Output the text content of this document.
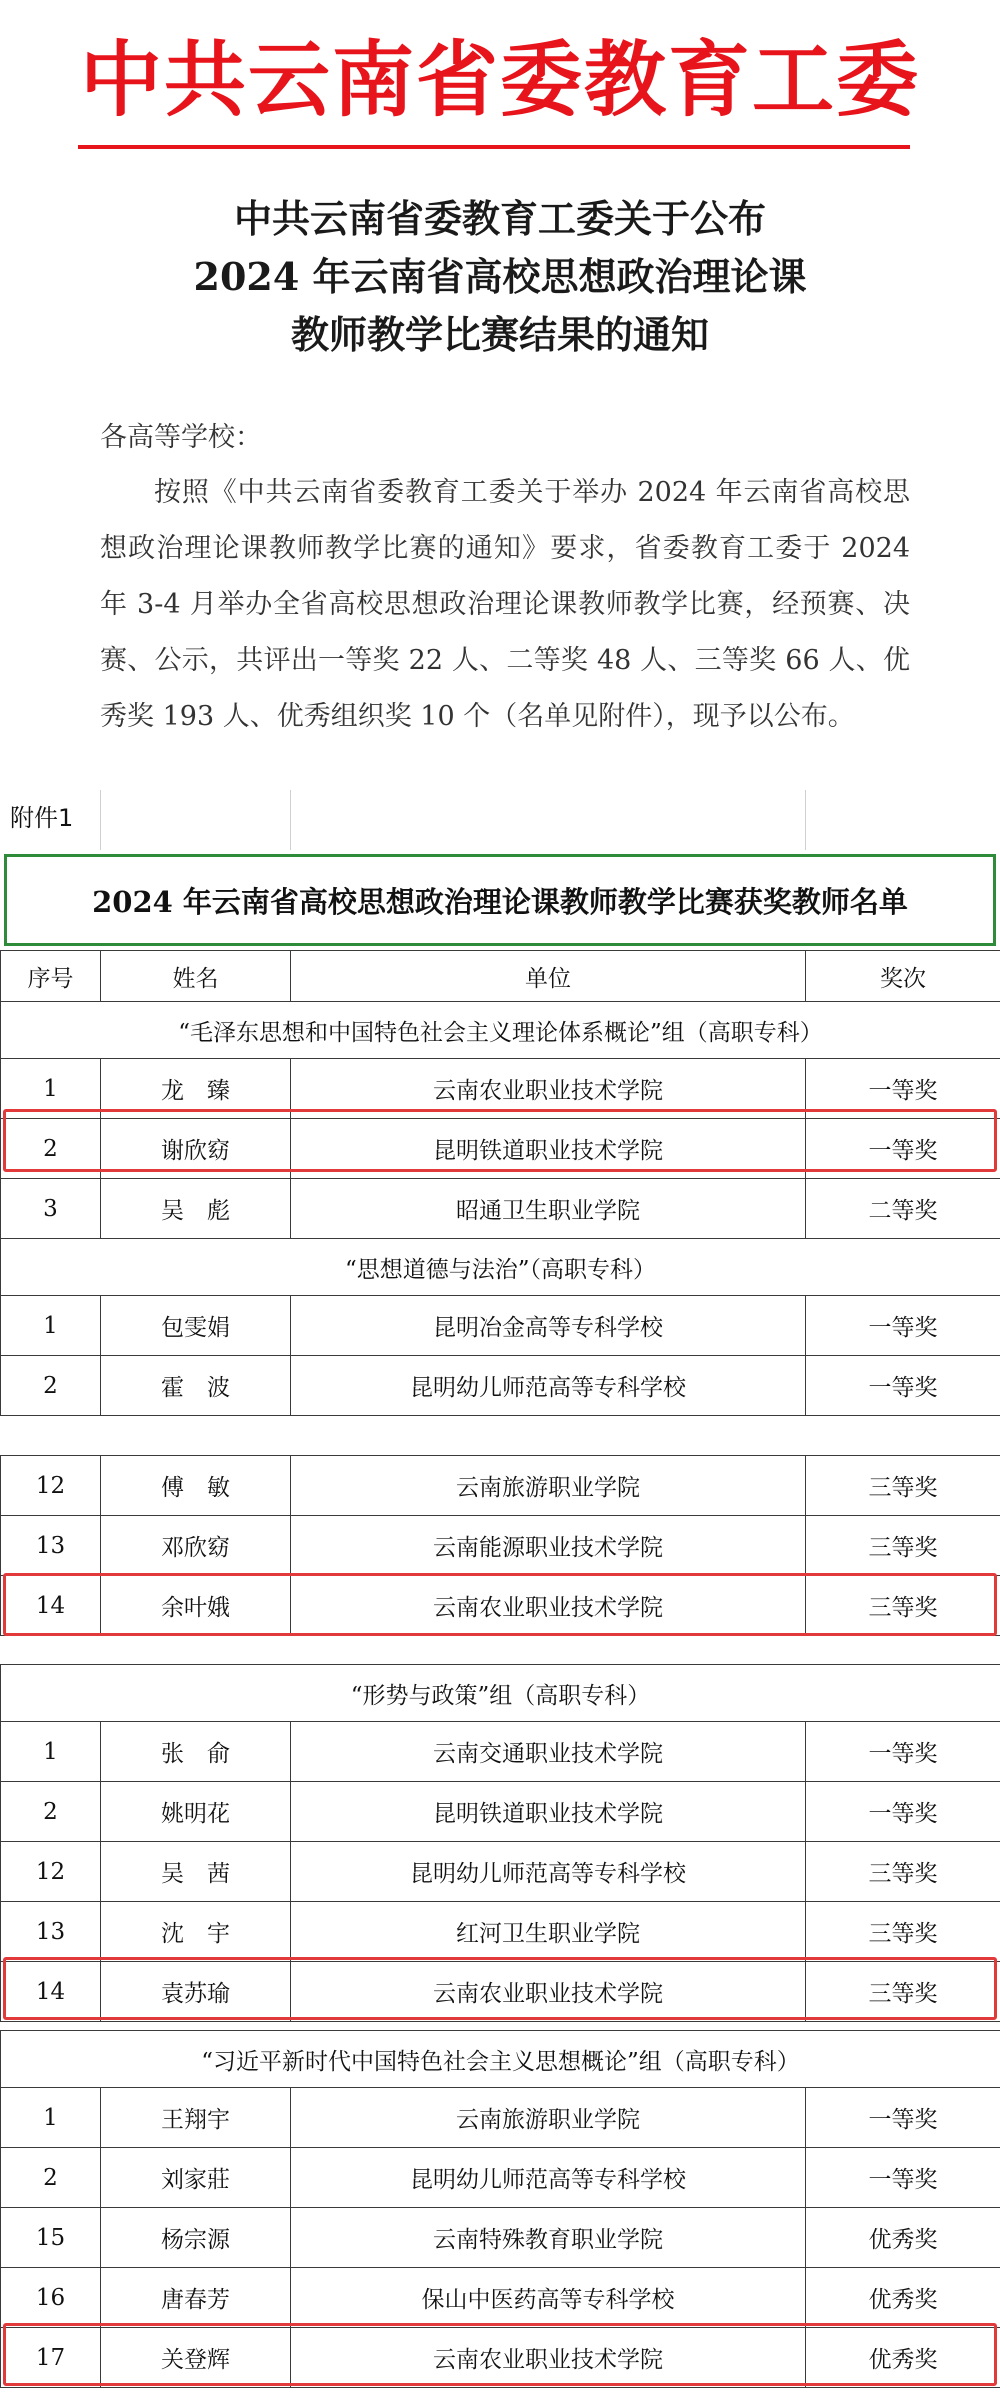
中共云南省委教育工委
中共云南省委教育工委关于公布
2024 年云南省高校思想政治理论课
教师教学比赛结果的通知
各高等学校：
按照《中共云南省委教育工委关于举办 2024 年云南省高校思想政治理论课教师教学比赛的通知》要求，省委教育工委于 2024 年 3-4 月举办全省高校思想政治理论课教师教学比赛，经预赛、决赛、公示，共评出一等奖 22 人、二等奖 48 人、三等奖 66 人、优秀奖 193 人、优秀组织奖 10 个（名单见附件），现予以公布。
附件1
2024 年云南省高校思想政治理论课教师教学比赛获奖教师名单
序号	姓名	单位	奖次
“毛泽东思想和中国特色社会主义理论体系概论”组（高职专科）			
1	龙　臻	云南农业职业技术学院	一等奖
2	谢欣窈	昆明铁道职业技术学院	一等奖
3	吴　彪	昭通卫生职业学院	二等奖
“思想道德与法治”（高职专科）			
1	包雯娟	昆明冶金高等专科学校	一等奖
2	霍　波	昆明幼儿师范高等专科学校	一等奖
12	傅　敏	云南旅游职业学院	三等奖
13	邓欣窈	云南能源职业技术学院	三等奖
14	余叶娥	云南农业职业技术学院	三等奖
“形势与政策”组（高职专科）			
1	张　俞	云南交通职业技术学院	一等奖
2	姚明花	昆明铁道职业技术学院	一等奖
12	吴　茜	昆明幼儿师范高等专科学校	三等奖
13	沈　宇	红河卫生职业学院	三等奖
14	袁苏瑜	云南农业职业技术学院	三等奖
“习近平新时代中国特色社会主义思想概论”组（高职专科）			
1	王翔宇	云南旅游职业学院	一等奖
2	刘家莊	昆明幼儿师范高等专科学校	一等奖
15	杨宗源	云南特殊教育职业学院	优秀奖
16	唐春芳	保山中医药高等专科学校	优秀奖
17	关登辉	云南农业职业技术学院	优秀奖
